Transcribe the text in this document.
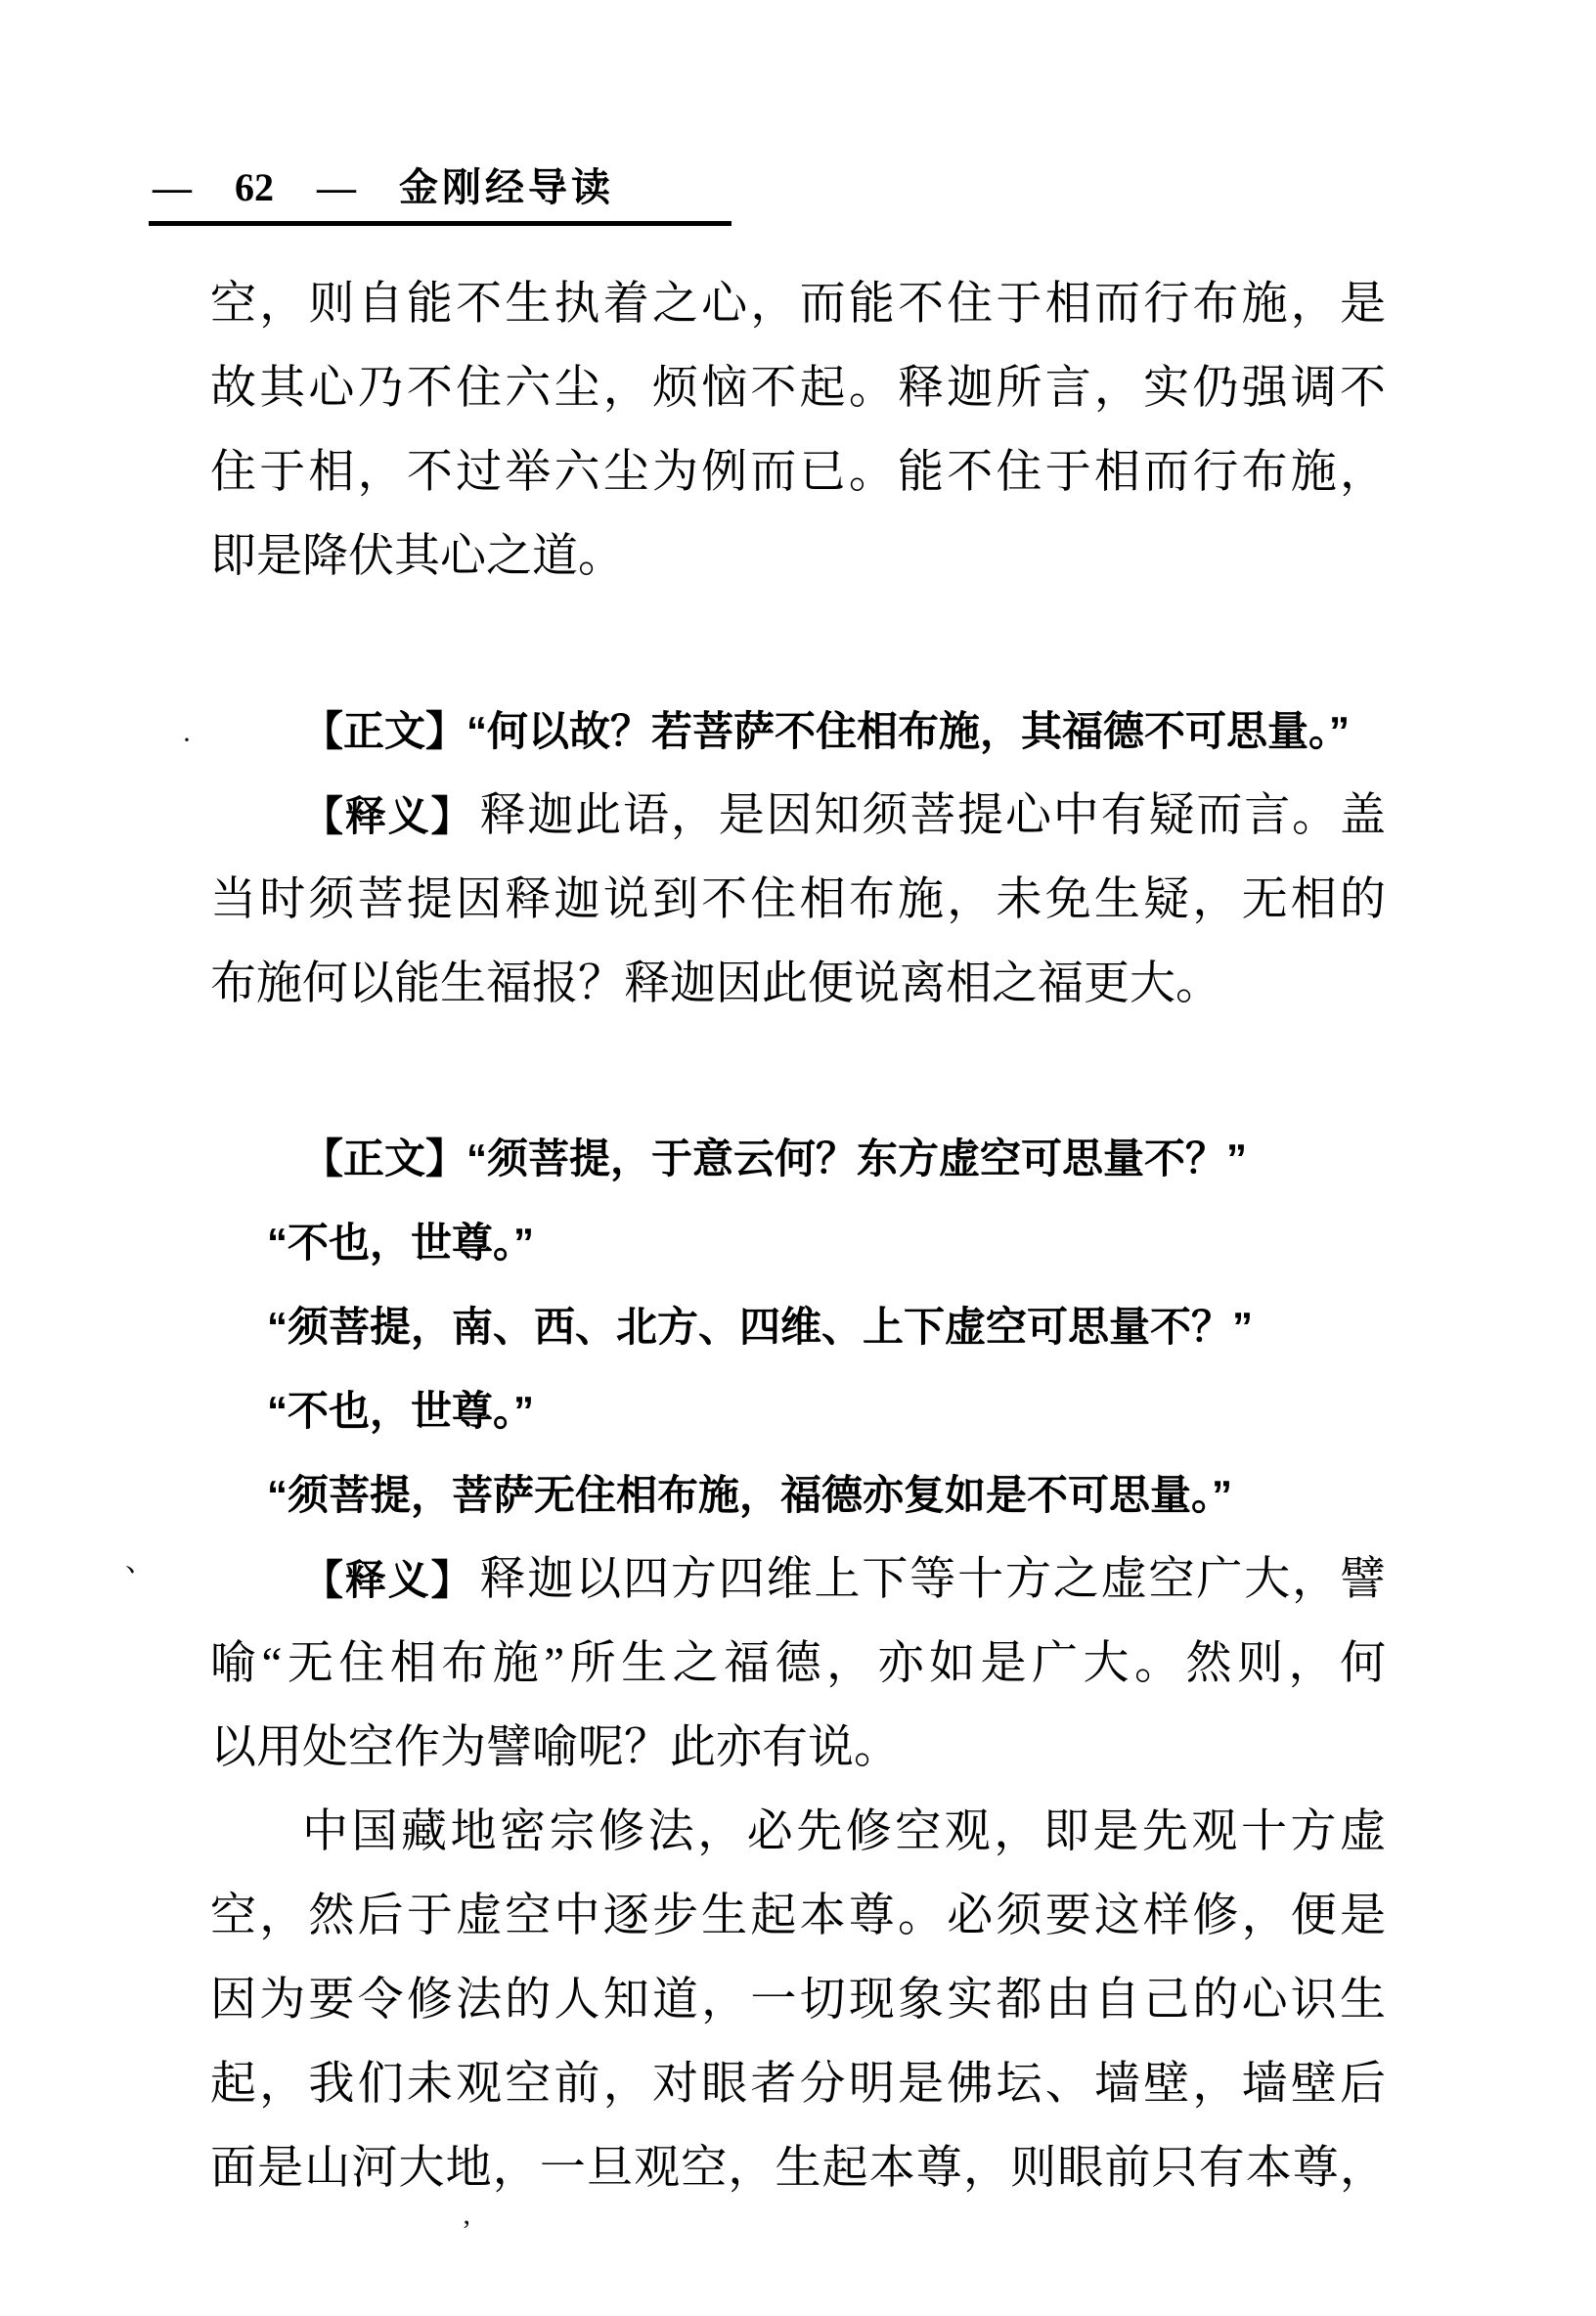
— 62 — 金刚经导读
空，则自能不生执着之心，而能不住于相而行布施，是
故其心乃不住六尘，烦恼不起。释迦所言，实仍强调不
住于相，不过举六尘为例而已。能不住于相而行布施，
即是降伏其心之道。
【正文】“何以故？若菩萨不住相布施，其福德不可思量。”
【释义】 释迦此语，是因知须菩提心中有疑而言。盖
当时须菩提因释迦说到不住相布施，未免生疑，无相的
布施何以能生福报？释迦因此便说离相之福更大。
【正文】“须菩提，于意云何？东方虚空可思量不？”
“不也，世尊。”
“须菩提，南、西、北方、四维、上下虚空可思量不？”
“不也，世尊。”
“须菩提，菩萨无住相布施，福德亦复如是不可思量。”
【释义】 释迦以四方四维上下等十方之虚空广大，譬
喻“无住相布施”所生之福德，亦如是广大。然则，何
以用处空作为譬喻呢？此亦有说。
中国藏地密宗修法，必先修空观，即是先观十方虚
空，然后于虚空中逐步生起本尊。必须要这样修，便是
因为要令修法的人知道，一切现象实都由自己的心识生
起，我们未观空前，对眼者分明是佛坛、墙壁，墙壁后
面是山河大地，一旦观空，生起本尊，则眼前只有本尊，
·
、
’
